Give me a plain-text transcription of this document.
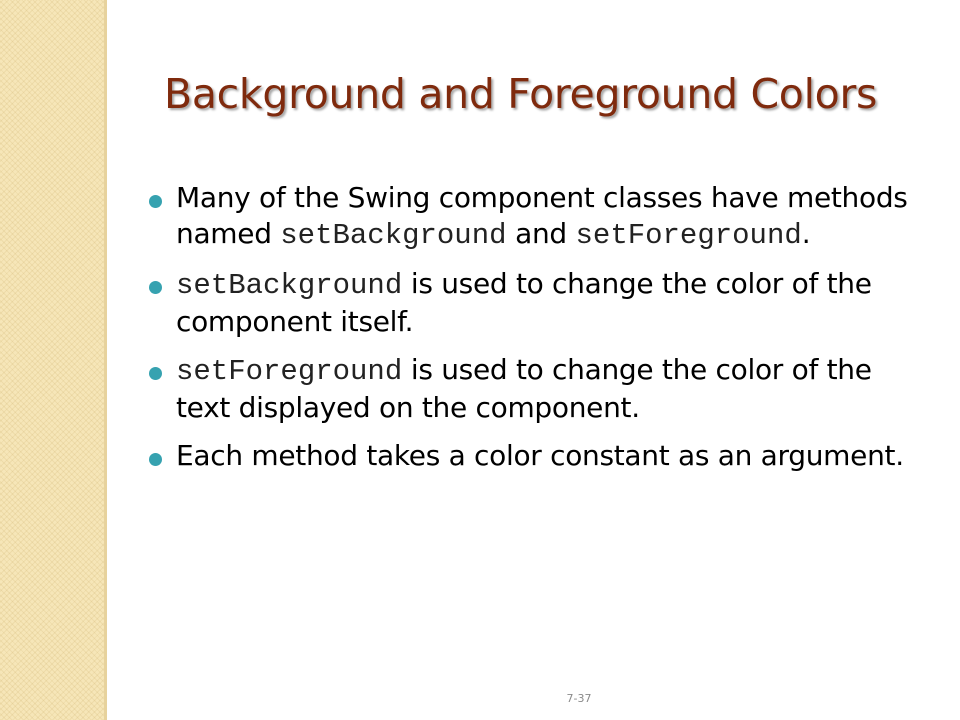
Background and Foreground Colors
Many of the Swing component classes have methods named setBackground and setForeground.
setBackground is used to change the color of the component itself.
setForeground is used to change the color of the text displayed on the component.
Each method takes a color constant as an argument.
7-37
